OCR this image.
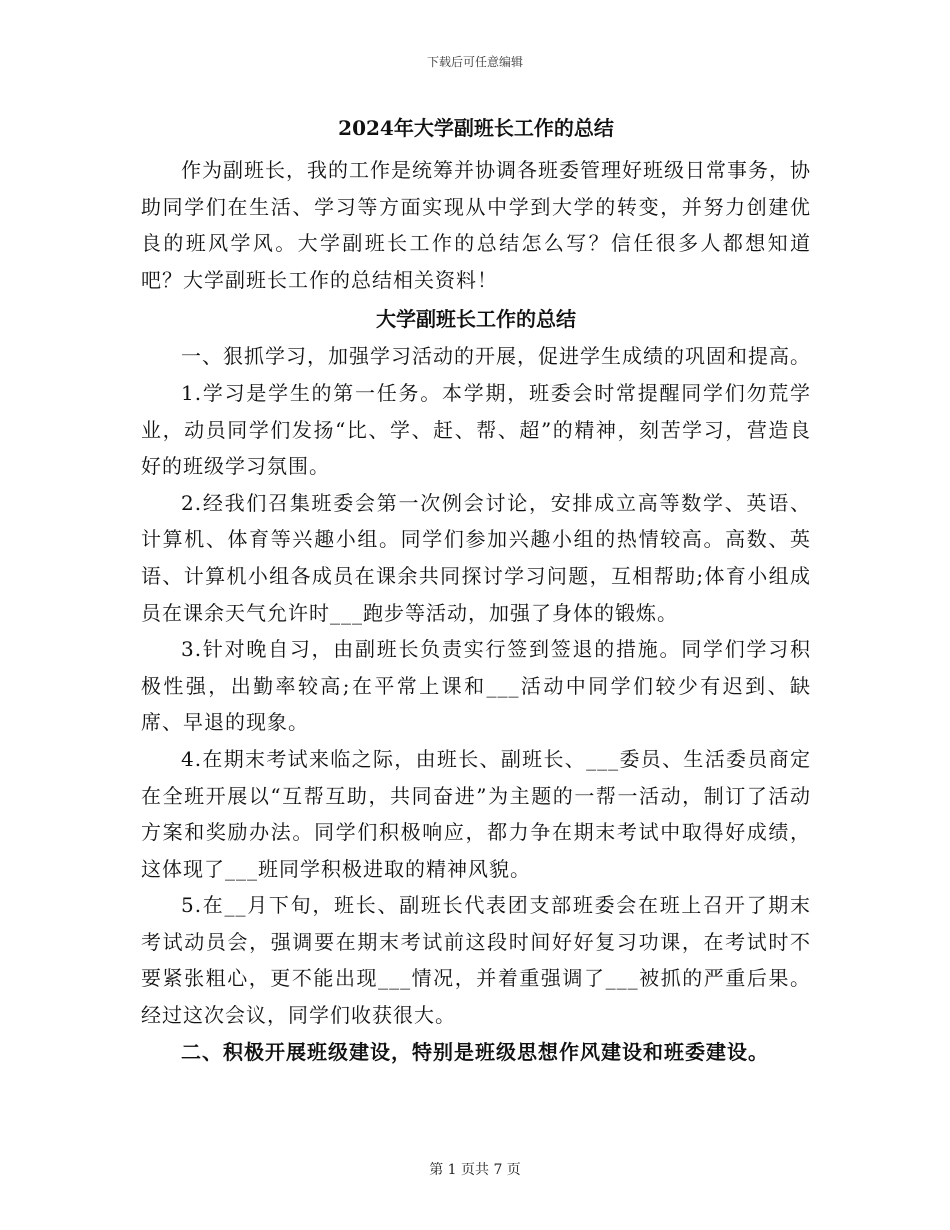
下载后可任意编辑
2024年大学副班长工作的总结

作为副班长，我的工作是统筹并协调各班委管理好班级日常事务，协助同学们在生活、学习等方面实现从中学到大学的转变，并努力创建优良的班风学风。大学副班长工作的总结怎么写？信任很多人都想知道吧？大学副班长工作的总结相关资料！

大学副班长工作的总结

一、狠抓学习，加强学习活动的开展，促进学生成绩的巩固和提高。

1.学习是学生的第一任务。本学期，班委会时常提醒同学们勿荒学业，动员同学们发扬“比、学、赶、帮、超”的精神，刻苦学习，营造良好的班级学习氛围。

2.经我们召集班委会第一次例会讨论，安排成立高等数学、英语、计算机、体育等兴趣小组。同学们参加兴趣小组的热情较高。高数、英语、计算机小组各成员在课余共同探讨学习问题，互相帮助;体育小组成员在课余天气允许时___跑步等活动，加强了身体的锻炼。

3.针对晚自习，由副班长负责实行签到签退的措施。同学们学习积极性强，出勤率较高;在平常上课和___活动中同学们较少有迟到、缺席、早退的现象。

4.在期末考试来临之际，由班长、副班长、___委员、生活委员商定在全班开展以“互帮互助，共同奋进”为主题的一帮一活动，制订了活动方案和奖励办法。同学们积极响应，都力争在期末考试中取得好成绩，这体现了___班同学积极进取的精神风貌。

5.在__月下旬，班长、副班长代表团支部班委会在班上召开了期末考试动员会，强调要在期末考试前这段时间好好复习功课，在考试时不要紧张粗心，更不能出现___情况，并着重强调了___被抓的严重后果。经过这次会议，同学们收获很大。

二、积极开展班级建设，特别是班级思想作风建设和班委建设。

第 1 页共 7 页
